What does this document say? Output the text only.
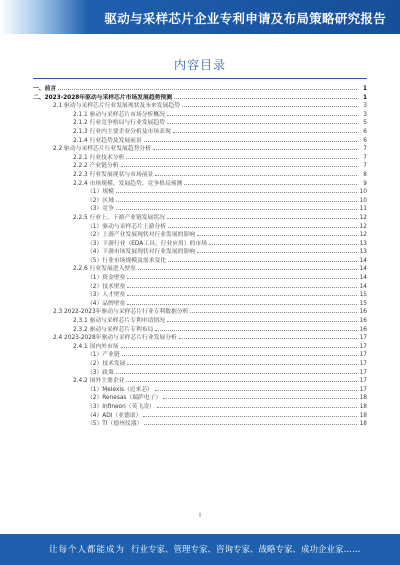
驱动与采样芯片企业专利申请及布局策略研究报告
内容目录
一、前言	1
二、2023-2028年驱动与采样芯片市场发展趋势预测	1
2.1 驱动与采样芯片行业发展现状及未来发展趋势	3
2.1.1 驱动与采样芯片市场分析概况	3
2.1.2 行业竞争格局与行业发展趋势	5
2.1.3 行业内主要企业分析及市场表现	6
2.1.4 行业趋势及发展前景	6
2.2 驱动与采样芯片行业发展趋势分析	7
2.2.1 行业技术分析	7
2.2.2 产业链分析	7
2.2.3 行业发展现状与市场前景	8
2.2.4 市场规模、发展趋势、竞争格局预测	9
（1）规模	10
（2）区域	10
（3）竞争	11
2.2.5 行业上、下游产业链发展状况	12
（1）驱动与采样芯片上游分析	12
（2）上游产业发展现状对行业发展的影响	12
（3）下游行业（EDA工具、行业应用）的市场	13
（4）下游市场发展现状对行业发展的影响	13
（5）行业市场规模及需求变化	14
2.2.6 行业发展进入壁垒	14
（1）资金壁垒	14
（2）技术壁垒	14
（3）人才壁垒	15
（4）品牌壁垒	15
2.3 2022-2023年驱动与采样芯片行业专利数据分析	16
2.3.1 驱动与采样芯片专利申请情况	16
2.3.2 驱动与采样芯片专利布局	16
2.4 2023-2028年驱动与采样芯片行业发展分析	17
2.4.1 国内外市场	17
（1）产业链	17
（2）技术发展	17
（3）政策	17
2.4.2 国外主要企业	17
（1）Melexis（迈来芯）	17
（2）Renesas（瑞萨电子）	18
（3）Infineon（英飞凌）	18
（4）ADI（亚德诺）	18
（5）TI（德州仪器）	18
I
让每个人都能成为 行业专家、管理专家、咨询专家、战略专家、成功企业家……
